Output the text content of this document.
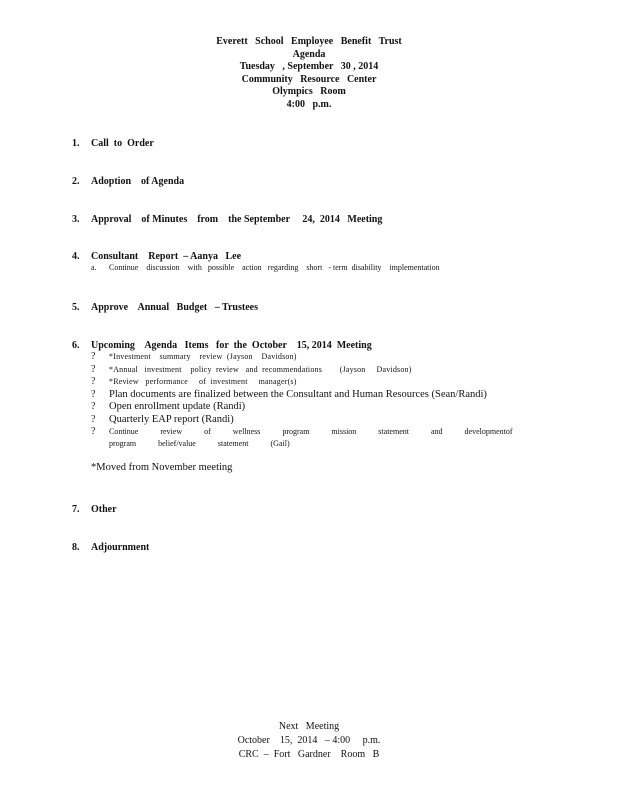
Everett   School   Employee   Benefit   Trust
Agenda
Tuesday   , September   30 , 2014
Community   Resource   Center
Olympics   Room
4:00   p.m.
1. Call  to  Order
2. Adoption    of Agenda
3. Approval    of Minutes    from    the September     24,  2014   Meeting
4. Consultant    Report  – Aanya   Lee
a. Continue    discussion    with   possible    action   regarding    short   - term  disability    implementation
5. Approve    Annual   Budget   – Trustees
6. Upcoming    Agenda   Items   for  the  October    15, 2014  Meeting
?	*Investment    summary    review  (Jayson    Davidson)
?	*Annual   investment    policy  review   and  recommendations        (Jayson     Davidson)
?	*Review   performance     of  investment     manager(s)
?	Plan documents are finalized between the Consultant and Human Resources (Sean/Randi)
?	Open enrollment update (Randi)
?	Quarterly EAP report (Randi)
?	Continue review of wellness program mission statement and developmentof program belief/value statement (Gail)
*Moved from November meeting
7. Other
8. Adjournment
Next   Meeting
October    15,  2014   – 4:00     p.m.
CRC  –  Fort   Gardner    Room   B
